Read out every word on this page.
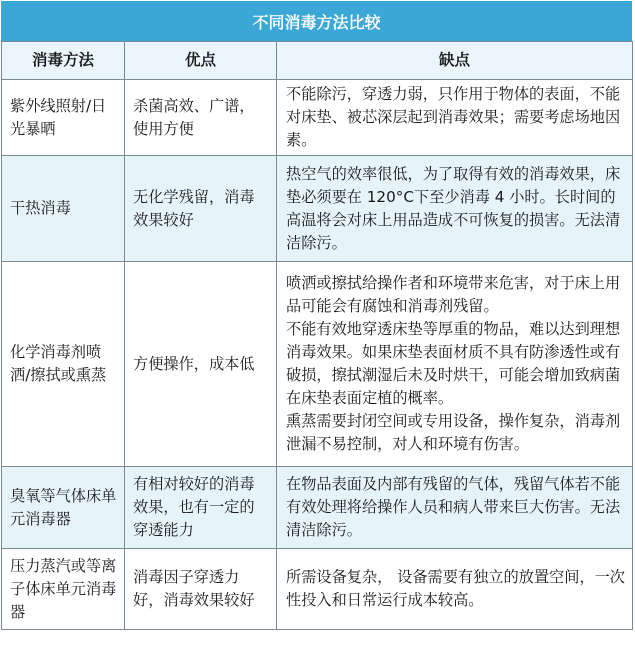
不同消毒方法比较
消毒方法	优点	缺点
紫外线照射/日光暴晒	杀菌高效、广谱，使用方便	不能除污，穿透力弱，只作用于物体的表面，不能对床垫、被芯深层起到消毒效果；需要考虑场地因素。

干热消毒	无化学残留，消毒效果较好	热空气的效率很低，为了取得有效的消毒效果，床垫必须要在 120°C下至少消毒 4 小时。长时间的高温将会对床上用品造成不可恢复的损害。无法清洁除污。

化学消毒剂喷洒/擦拭或熏蒸	方便操作，成本低	喷洒或擦拭给操作者和环境带来危害，对于床上用品可能会有腐蚀和消毒剂残留。
不能有效地穿透床垫等厚重的物品，难以达到理想消毒效果。如果床垫表面材质不具有防渗透性或有破损，擦拭潮湿后未及时烘干，可能会增加致病菌在床垫表面定植的概率。
熏蒸需要封闭空间或专用设备，操作复杂，消毒剂泄漏不易控制，对人和环境有伤害。

臭氧等气体床单元消毒器	有相对较好的消毒效果，也有一定的穿透能力	在物品表面及内部有残留的气体，残留气体若不能有效处理将给操作人员和病人带来巨大伤害。无法清洁除污。

压力蒸汽或等离子体床单元消毒器	消毒因子穿透力好，消毒效果较好	所需设备复杂， 设备需要有独立的放置空间，一次性投入和日常运行成本较高。
